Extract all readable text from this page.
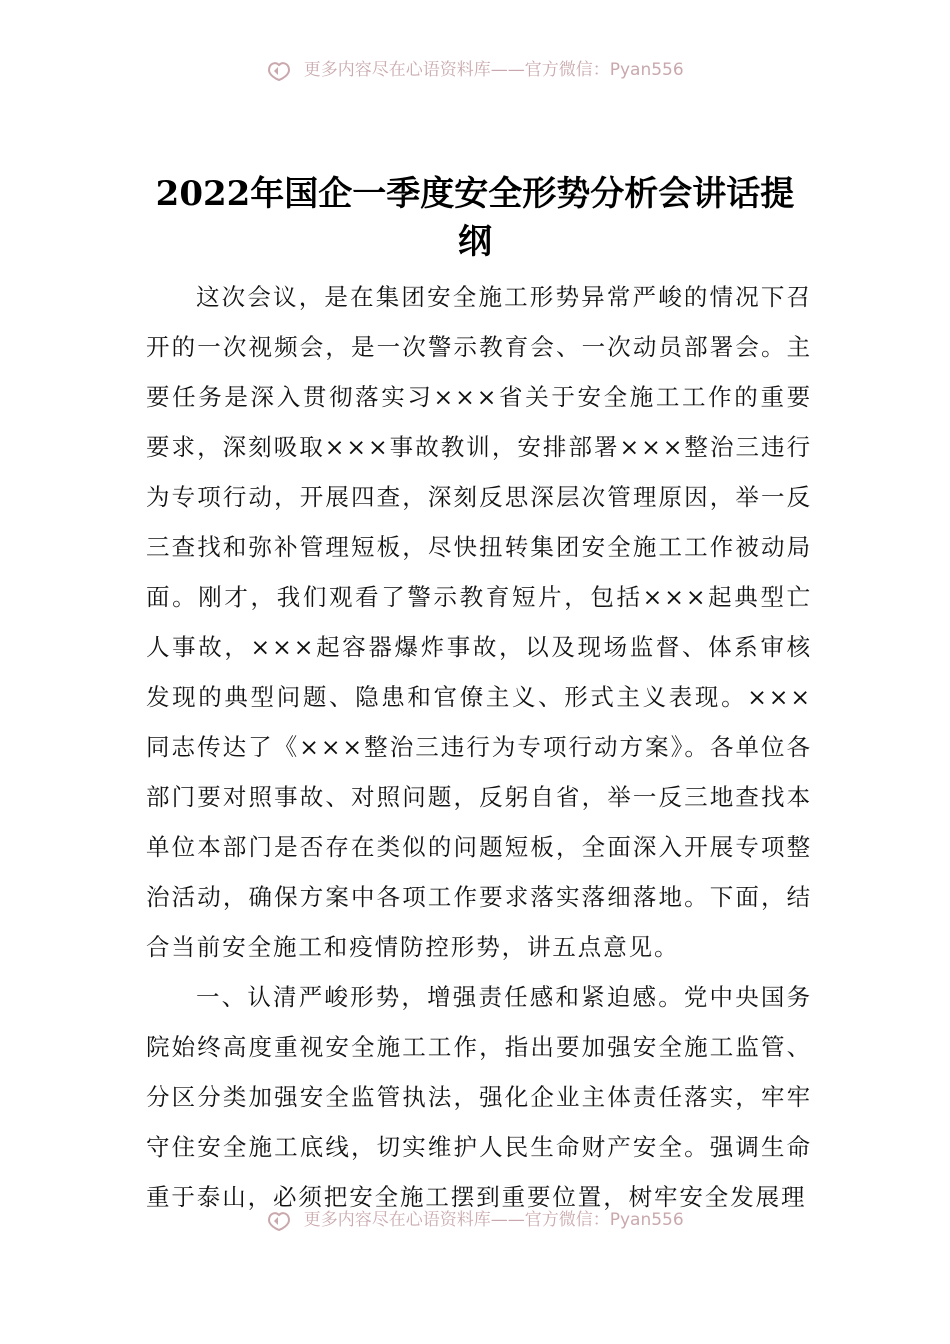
更多内容尽在心语资料库——官方微信：Pyan556
2022年国企一季度安全形势分析会讲话提纲

这次会议，是在集团安全施工形势异常严峻的情况下召开的一次视频会，是一次警示教育会、一次动员部署会。主要任务是深入贯彻落实习×××省关于安全施工工作的重要要求，深刻吸取×××事故教训，安排部署×××整治三违行为专项行动，开展四查，深刻反思深层次管理原因，举一反三查找和弥补管理短板，尽快扭转集团安全施工工作被动局面。刚才，我们观看了警示教育短片，包括×××起典型亡人事故，×××起容器爆炸事故，以及现场监督、体系审核发现的典型问题、隐患和官僚主义、形式主义表现。×××同志传达了《×××整治三违行为专项行动方案》。各单位各部门要对照事故、对照问题，反躬自省，举一反三地查找本单位本部门是否存在类似的问题短板，全面深入开展专项整治活动，确保方案中各项工作要求落实落细落地。下面，结合当前安全施工和疫情防控形势，讲五点意见。

一、认清严峻形势，增强责任感和紧迫感。党中央国务院始终高度重视安全施工工作，指出要加强安全施工监管、分区分类加强安全监管执法，强化企业主体责任落实，牢牢守住安全施工底线，切实维护人民生命财产安全。强调生命重于泰山，必须把安全施工摆到重要位置，树牢安全发展理

更多内容尽在心语资料库——官方微信：Pyan556
